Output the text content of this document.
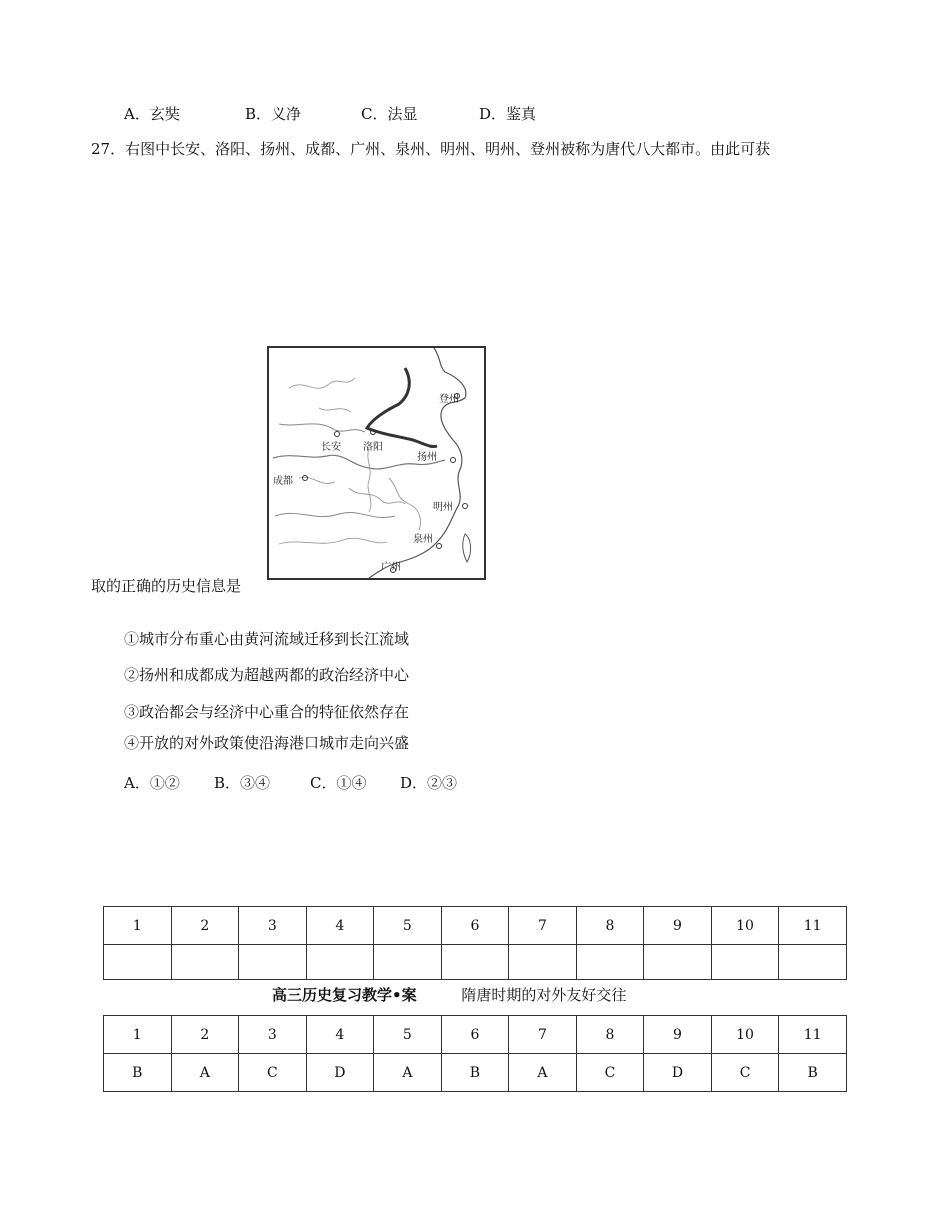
A．玄奘	B．义净	C．法显	D．鉴真
27．右图中长安、洛阳、扬州、成都、广州、泉州、明州、明州、登州被称为唐代八大都市。由此可获
登州
长安 洛阳
扬州
成都
明州
泉州
广州
取的正确的历史信息是
①城市分布重心由黄河流域迁移到长江流域
②扬州和成都成为超越两都的政治经济中心
③政治都会与经济中心重合的特征依然存在
④开放的对外政策使沿海港口城市走向兴盛
A．①② B．③④	C．①④ D．②③
1	2	3	4	5	6	7	8	9	10	11

高三历史复习教学•案	隋唐时期的对外友好交往
1	2	3	4	5	6	7	8	9	10	11
B	A	C	D	A	B	A	C	D	C	B
